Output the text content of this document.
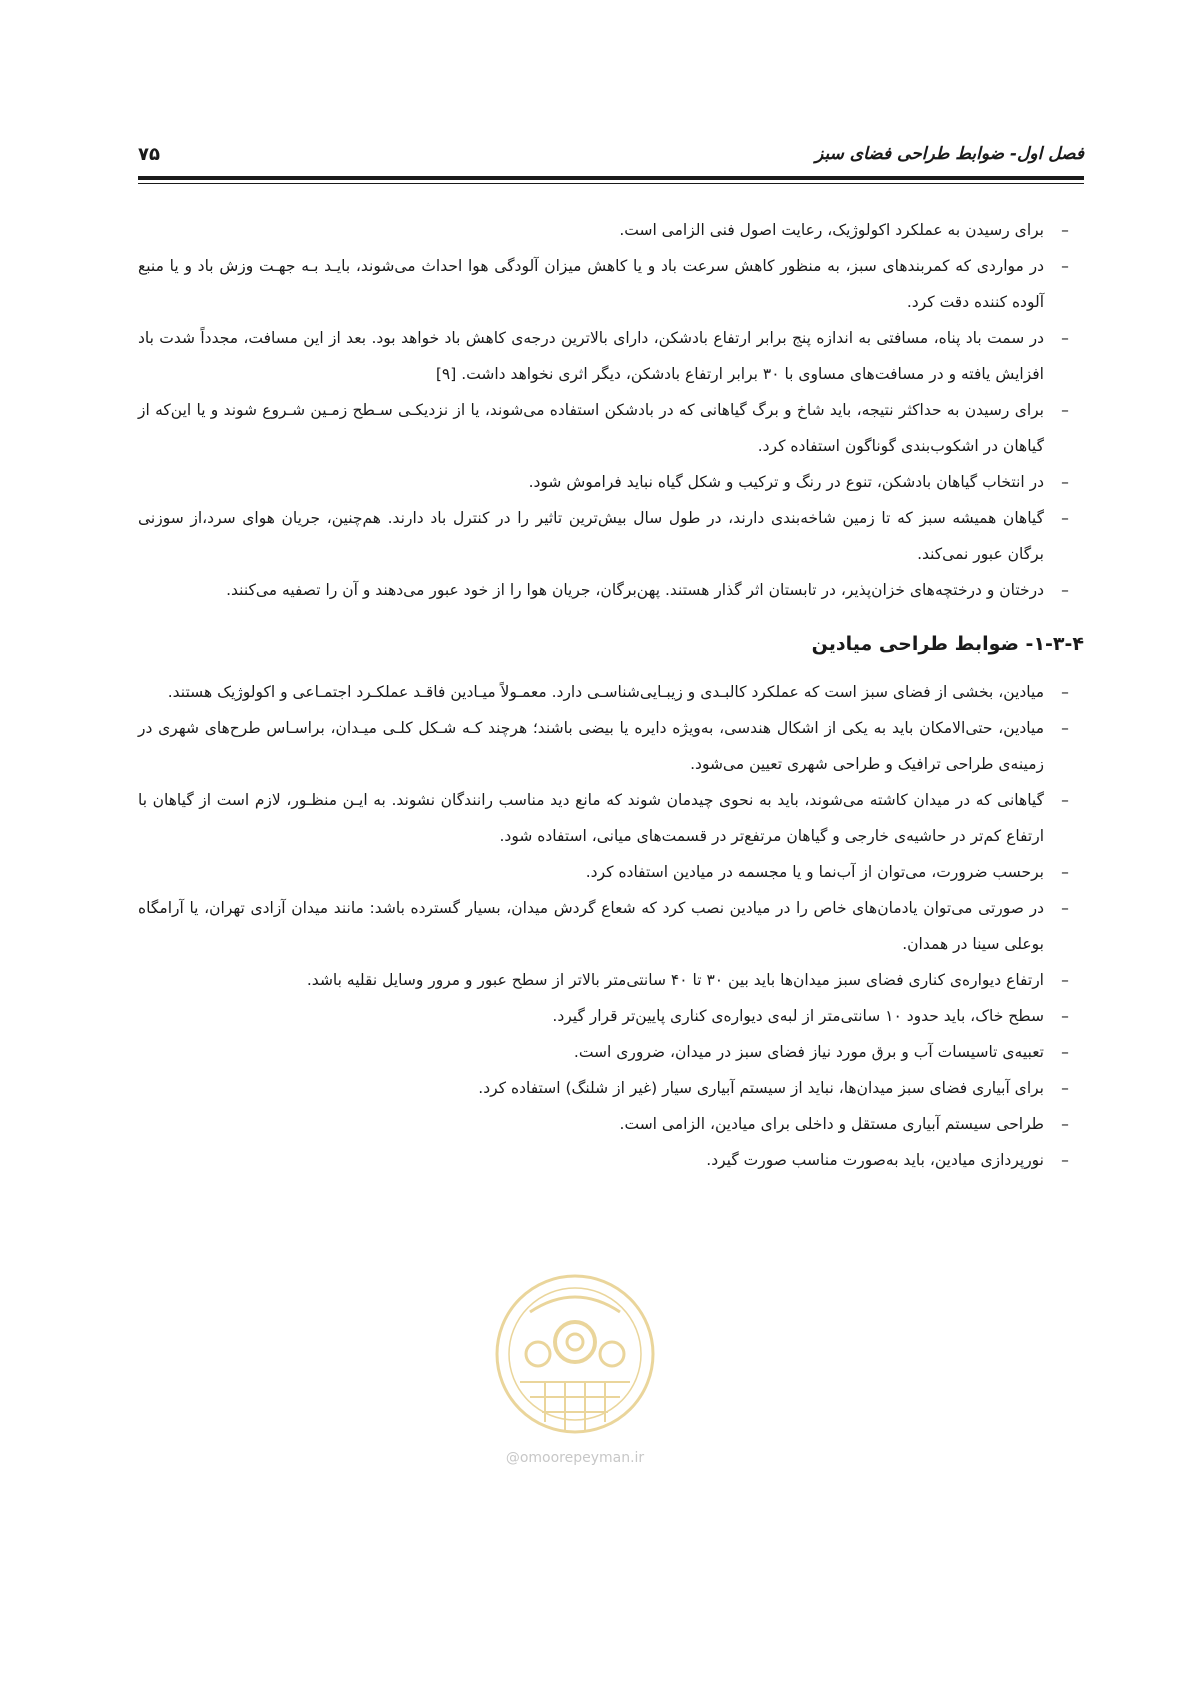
فصل اول- ضوابط طراحی فضای سبز
۷۵
–
برای رسیدن به عملکرد اکولوژیک، رعایت اصول فنی الزامی است.
–
در مواردی که کمربندهای سبز، به منظور کاهش سرعت باد و یا کاهش میزان آلودگی هوا احداث می‌شوند، بایـد بـه جهـت وزش باد و یا منبع آلوده کننده دقت کرد.
–
در سمت باد پناه، مسافتی به اندازه پنج برابر ارتفاع بادشکن، دارای بالاترین درجه‌ی کاهش باد خواهد بود. بعد از این مسافت، مجدداً شدت باد افزایش یافته و در مسافت‌های مساوی با ۳۰ برابر ارتفاع بادشکن، دیگر اثری نخواهد داشت. [۹]
–
برای رسیدن به حداکثر نتیجه، باید شاخ و برگ گیاهانی که در بادشکن استفاده می‌شوند، یا از نزدیکـی سـطح زمـین شـروع شوند و یا این‌که از گیاهان در اشکوب‌بندی گوناگون استفاده کرد.
–
در انتخاب گیاهان بادشکن، تنوع در رنگ و ترکیب و شکل گیاه نباید فراموش شود.
–
گیاهان همیشه سبز که تا زمین شاخه‌بندی دارند، در طول سال بیش‌ترین تاثیر را در کنترل باد دارند. هم‌چنین، جریان هوای سرد،از سوزنی برگان عبور نمی‌کند.
–
درختان و درختچه‌های خزان‌پذیر، در تابستان اثر گذار هستند. پهن‌برگان، جریان هوا را از خود عبور می‌دهند و آن را تصفیه می‌کنند.
۱-۳-۴- ضوابط طراحی میادین
–
میادین، بخشی از فضای سبز است که عملکرد کالبـدی و زیبـایی‌شناسـی دارد. معمـولاً میـادین فاقـد عملکـرد اجتمـاعی و اکولوژیک هستند.
–
میادین، حتی‌الامکان باید به یکی از اشکال هندسی، به‌ویژه دایره یا بیضی باشند؛ هرچند کـه شـکل کلـی میـدان، براسـاس طرح‌های شهری در زمینه‌ی طراحی ترافیک و طراحی شهری تعیین می‌شود.
–
گیاهانی که در میدان کاشته می‌شوند، باید به نحوی چیدمان شوند که مانع دید مناسب رانندگان نشوند. به ایـن منظـور، لازم است از گیاهان با ارتفاع کم‌تر در حاشیه‌ی خارجی و گیاهان مرتفع‌تر در قسمت‌های میانی، استفاده شود.
–
برحسب ضرورت، می‌توان از آب‌نما و یا مجسمه در میادین استفاده کرد.
–
در صورتی می‌توان یادمان‌های خاص را در میادین نصب کرد که شعاع گردش میدان، بسیار گسترده باشد: مانند میدان آزادی تهران، یا آرامگاه بوعلی سینا در همدان.
–
ارتفاع دیواره‌ی کناری فضای سبز میدان‌ها باید بین ۳۰ تا ۴۰ سانتی‌متر بالاتر از سطح عبور و مرور وسایل نقلیه باشد.
–
سطح خاک، باید حدود ۱۰ سانتی‌متر از لبه‌ی دیواره‌ی کناری پایین‌تر قرار گیرد.
–
تعبیه‌ی تاسیسات آب و برق مورد نیاز فضای سبز در میدان، ضروری است.
–
برای آبیاری فضای سبز میدان‌ها، نباید از سیستم آبیاری سیار (غیر از شلنگ) استفاده کرد.
–
طراحی سیستم آبیاری مستقل و داخلی برای میادین، الزامی است.
–
نورپردازی میادین، باید به‌صورت مناسب صورت گیرد.
@omoorepeyman.ir
